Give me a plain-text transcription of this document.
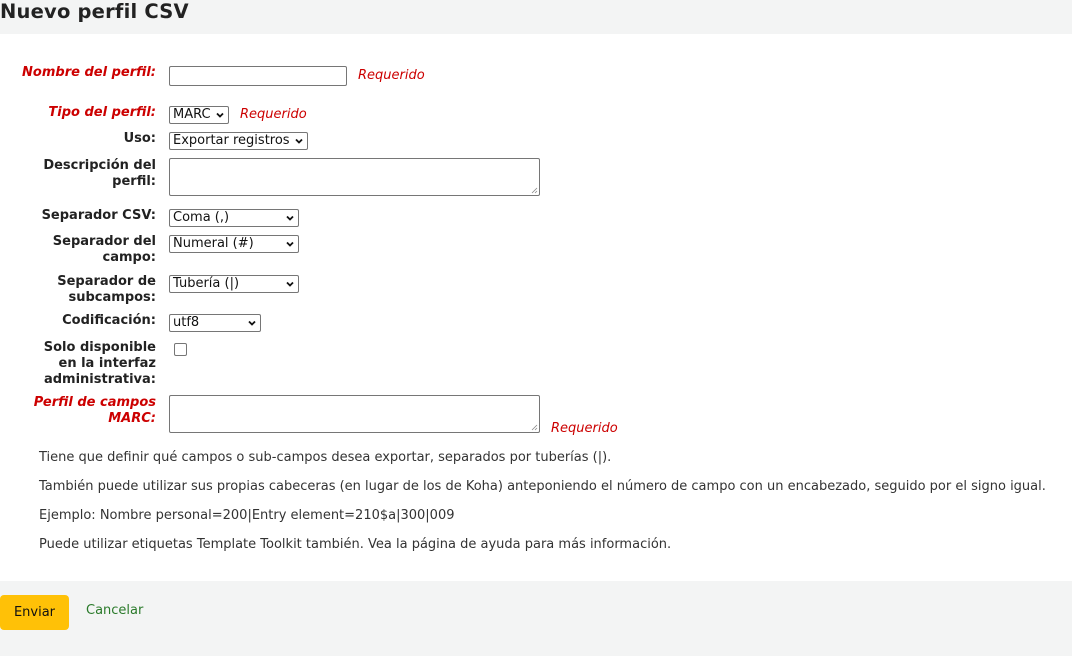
Nuevo perfil CSV
Nombre del perfil:	Requerido
Tipo del perfil: MARC Requerido
Uso: Exportar registros
Descripción del perfil:
Separador CSV: Coma (,)
Separador del campo:
Numeral (#)
Separador de subcampos:
Tubería (|)
Codificación: utf8
Solo disponible en la interfaz administrativa:
Perfil de campos MARC:
Requerido
Tiene que definir qué campos o sub-campos desea exportar, separados por tuberías (|).
También puede utilizar sus propias cabeceras (en lugar de los de Koha) anteponiendo el número de campo con un encabezado, seguido por el signo igual.
Ejemplo: Nombre personal=200|Entry element=210$a|300|009
Puede utilizar etiquetas Template Toolkit también. Vea la página de ayuda para más información.
Enviar	Cancelar
